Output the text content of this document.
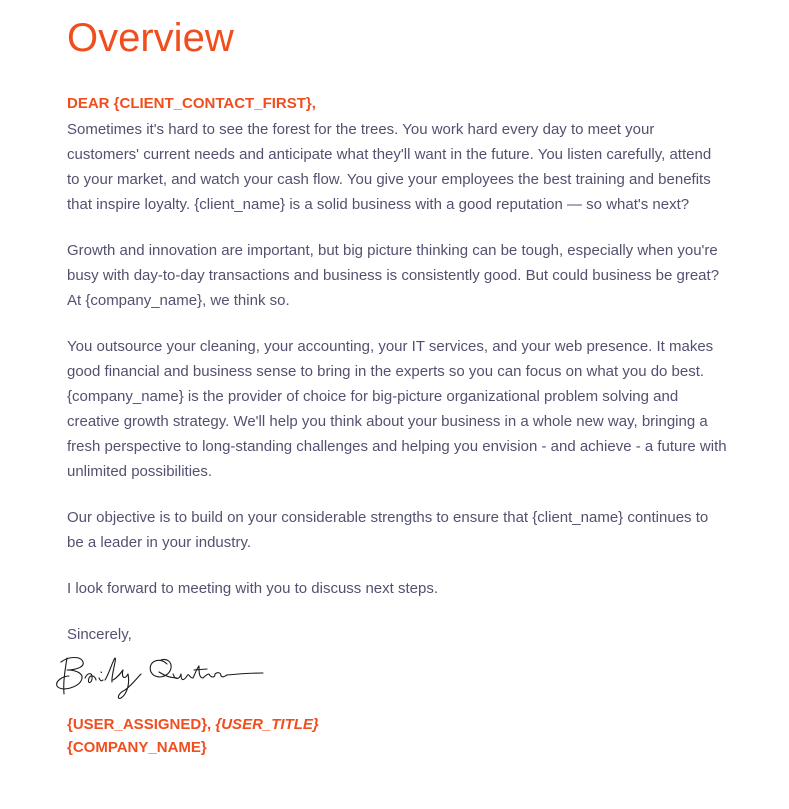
Overview
DEAR {CLIENT_CONTACT_FIRST},

Sometimes it's hard to see the forest for the trees. You work hard every day to meet your customers' current needs and anticipate what they'll want in the future. You listen carefully, attend to your market, and watch your cash flow. You give your employees the best training and benefits that inspire loyalty. {client_name} is a solid business with a good reputation — so what's next?

Growth and innovation are important, but big picture thinking can be tough, especially when you're busy with day-to-day transactions and business is consistently good. But could business be great? At {company_name}, we think so.

You outsource your cleaning, your accounting, your IT services, and your web presence. It makes good financial and business sense to bring in the experts so you can focus on what you do best. {company_name} is the provider of choice for big-picture organizational problem solving and creative growth strategy. We'll help you think about your business in a whole new way, bringing a fresh perspective to long-standing challenges and helping you envision - and achieve - a future with unlimited possibilities.

Our objective is to build on your considerable strengths to ensure that {client_name} continues to be a leader in your industry.

I look forward to meeting with you to discuss next steps.

Sincerely,

{USER_ASSIGNED}, {USER_TITLE}
{COMPANY_NAME}
